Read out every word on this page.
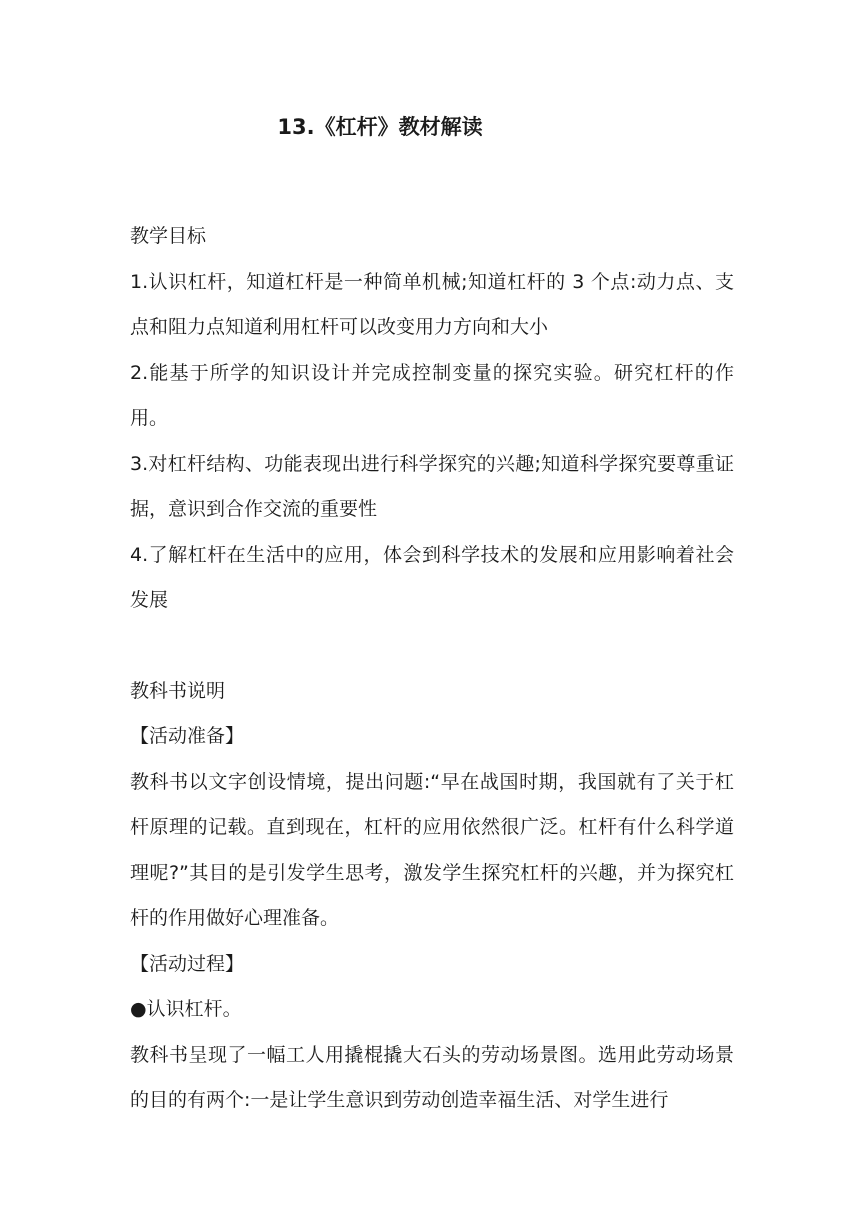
13.《杠杆》教材解读

教学目标

1.认识杠杆，知道杠杆是一种简单机械;知道杠杆的 3 个点:动力点、支点和阻力点知道利用杠杆可以改变用力方向和大小

2.能基于所学的知识设计并完成控制变量的探究实验。研究杠杆的作用。

3.对杠杆结构、功能表现出进行科学探究的兴趣;知道科学探究要尊重证据，意识到合作交流的重要性

4.了解杠杆在生活中的应用，体会到科学技术的发展和应用影响着社会发展

教科书说明

【活动准备】

教科书以文字创设情境，提出问题:“早在战国时期，我国就有了关于杠杆原理的记载。直到现在，杠杆的应用依然很广泛。杠杆有什么科学道理呢?”其目的是引发学生思考，激发学生探究杠杆的兴趣，并为探究杠杆的作用做好心理准备。

【活动过程】

●认识杠杆。

教科书呈现了一幅工人用撬棍撬大石头的劳动场景图。选用此劳动场景的目的有两个:一是让学生意识到劳动创造幸福生活、对学生进行
